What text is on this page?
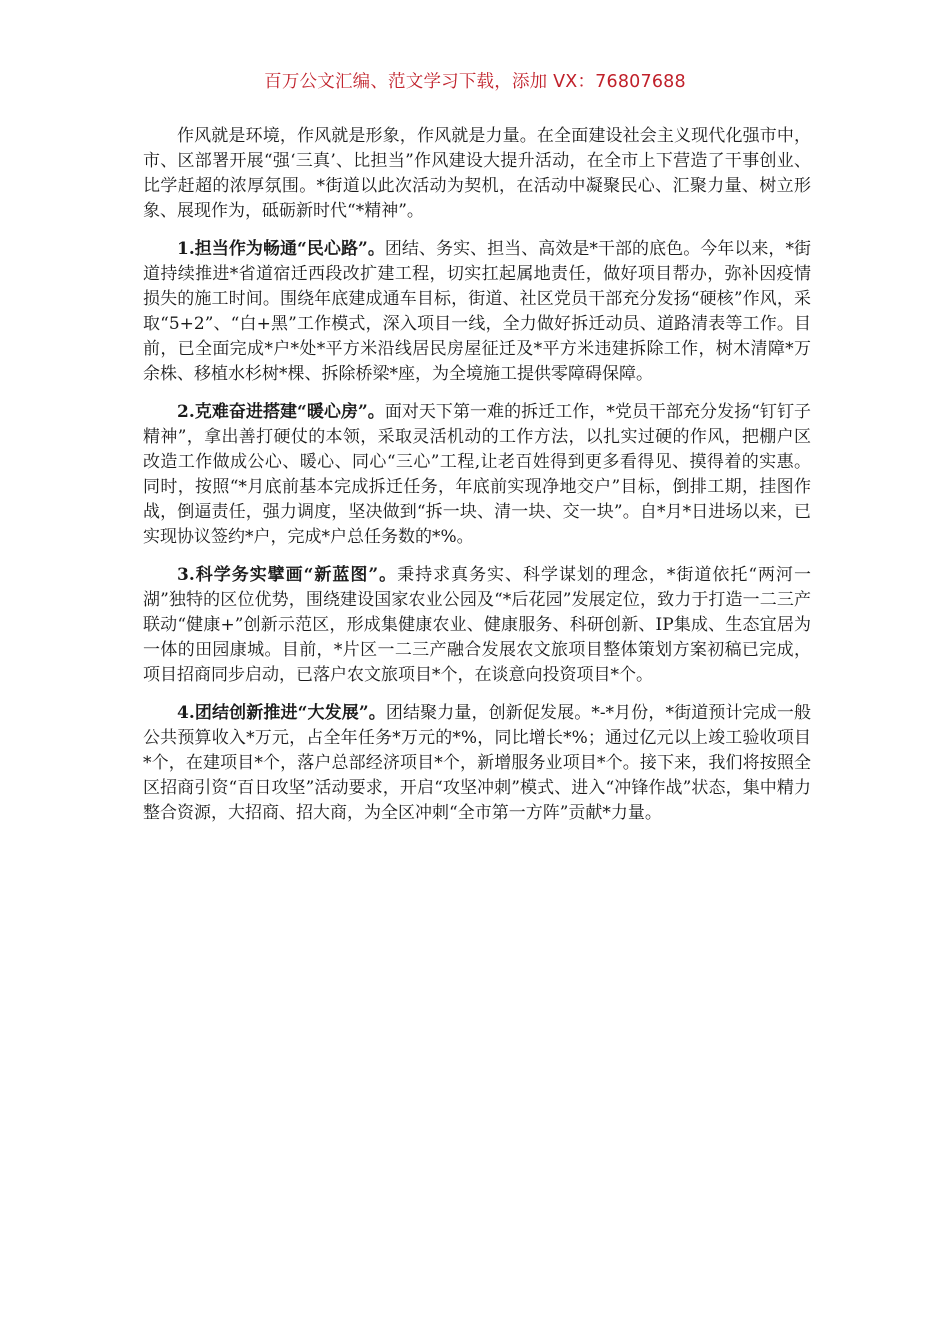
百万公文汇编、范文学习下载，添加 VX：76807688

作风就是环境，作风就是形象，作风就是力量。在全面建设社会主义现代化强市中，市、区部署开展“强‘三真’、比担当”作风建设大提升活动，在全市上下营造了干事创业、比学赶超的浓厚氛围。*街道以此次活动为契机，在活动中凝聚民心、汇聚力量、树立形象、展现作为，砥砺新时代“*精神”。

1.担当作为畅通“民心路”。团结、务实、担当、高效是*干部的底色。今年以来，*街道持续推进*省道宿迁西段改扩建工程，切实扛起属地责任，做好项目帮办，弥补因疫情损失的施工时间。围绕年底建成通车目标，街道、社区党员干部充分发扬“硬核”作风，采取“5+2”、“白+黑”工作模式，深入项目一线，全力做好拆迁动员、道路清表等工作。目前，已全面完成*户*处*平方米沿线居民房屋征迁及*平方米违建拆除工作，树木清障*万余株、移植水杉树*棵、拆除桥梁*座，为全境施工提供零障碍保障。

2.克难奋进搭建“暖心房”。面对天下第一难的拆迁工作，*党员干部充分发扬“钉钉子精神”，拿出善打硬仗的本领，采取灵活机动的工作方法，以扎实过硬的作风，把棚户区改造工作做成公心、暖心、同心“三心”工程,让老百姓得到更多看得见、摸得着的实惠。同时，按照“*月底前基本完成拆迁任务，年底前实现净地交户”目标，倒排工期，挂图作战，倒逼责任，强力调度，坚决做到“拆一块、清一块、交一块”。自*月*日进场以来，已实现协议签约*户，完成*户总任务数的*%。

3.科学务实擘画“新蓝图”。秉持求真务实、科学谋划的理念，*街道依托“两河一湖”独特的区位优势，围绕建设国家农业公园及“*后花园”发展定位，致力于打造一二三产联动“健康+”创新示范区，形成集健康农业、健康服务、科研创新、IP集成、生态宜居为一体的田园康城。目前，*片区一二三产融合发展农文旅项目整体策划方案初稿已完成，项目招商同步启动，已落户农文旅项目*个，在谈意向投资项目*个。

4.团结创新推进“大发展”。团结聚力量，创新促发展。*-*月份，*街道预计完成一般公共预算收入*万元，占全年任务*万元的*%，同比增长*%；通过亿元以上竣工验收项目*个，在建项目*个，落户总部经济项目*个，新增服务业项目*个。接下来，我们将按照全区招商引资“百日攻坚”活动要求，开启“攻坚冲刺”模式、进入“冲锋作战”状态，集中精力整合资源，大招商、招大商，为全区冲刺“全市第一方阵”贡献*力量。
